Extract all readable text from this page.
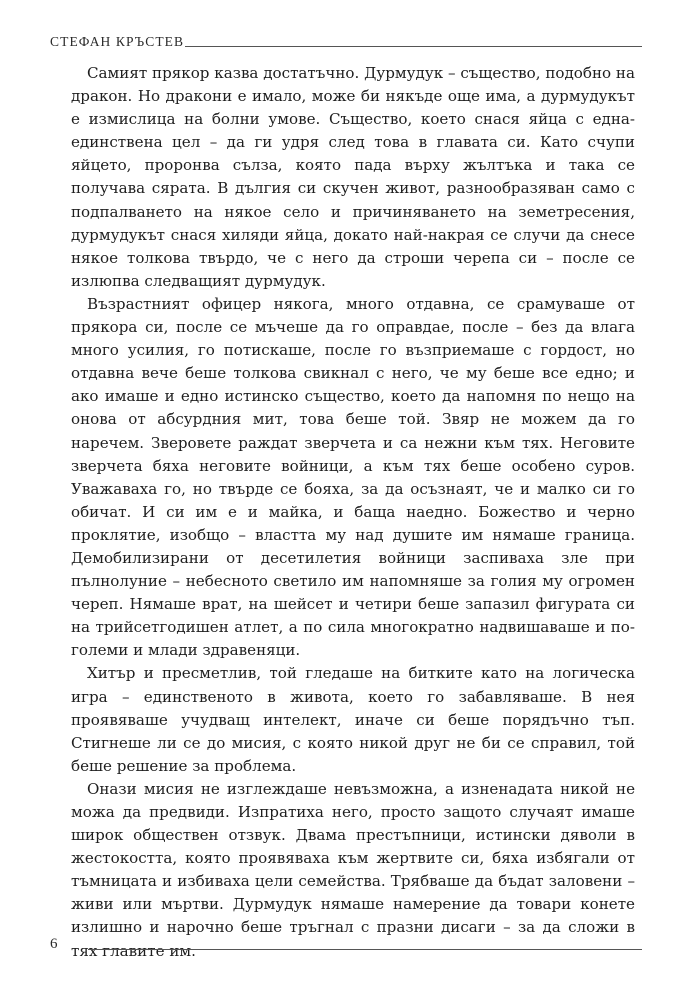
СТЕФАН КРЪСТЕВ

Самият прякор казва достатъчно. Дурмудук – същество, подобно на дракон. Но дракони е имало, може би някъде още има, а дурмудукът е измислица на болни умове. Същество, което снася яйца с една-единствена цел – да ги удря след това в главата си. Като счупи яйцето, проронва сълза, която пада върху жълтъка и така се получава сярата. В дългия си скучен живот, разнообразяван само с подпалването на някое село и причиняването на земетресения, дурмудукът снася хиляди яйца, докато най-накрая се случи да снесе някое толкова твърдо, че с него да строши черепа си – после се излюпва следващият дурмудук.

Възрастният офицер някога, много отдавна, се срамуваше от прякора си, после се мъчеше да го оправдае, после – без да влага много усилия, го потискаше, после го възприемаше с гордост, но отдавна вече беше толкова свикнал с него, че му беше все едно; и ако имаше и едно истинско същество, което да напомня по нещо на онова от абсурдния мит, това беше той. Звяр не можем да го наречем. Зверовете раждат зверчета и са нежни към тях. Неговите зверчета бяха неговите войници, а към тях беше особено суров. Уважаваха го, но твърде се бояха, за да осъзнаят, че и малко си го обичат. И си им е и майка, и баща наедно. Божество и черно проклятие, изобщо – властта му над душите им нямаше граница. Демобилизирани от десетилетия войници заспиваха зле при пълнолуние – небесното светило им напомняше за голия му огромен череп. Нямаше врат, на шейсет и четири беше запазил фигурата си на трийсетгодишен атлет, а по сила многократно надвишаваше и по-големи и млади здравеняци.

Хитър и пресметлив, той гледаше на битките като на логическа игра – единственото в живота, което го забавляваше. В нея проявяваше учудващ интелект, иначе си беше порядъчно тъп. Стигнеше ли се до мисия, с която никой друг не би се справил, той беше решение за проблема.

Онази мисия не изглеждаше невъзможна, а изненадата никой не можа да предвиди. Изпратиха него, просто защото случаят имаше широк обществен отзвук. Двама престъпници, истински дяволи в жестокостта, която проявяваха към жертвите си, бяха избягали от тъмницата и избиваха цели семейства. Трябваше да бъдат заловени – живи или мъртви. Дурмудук нямаше намерение да товари конете излишно и нарочно беше тръгнал с празни дисаги – за да сложи в тях главите им.

6
